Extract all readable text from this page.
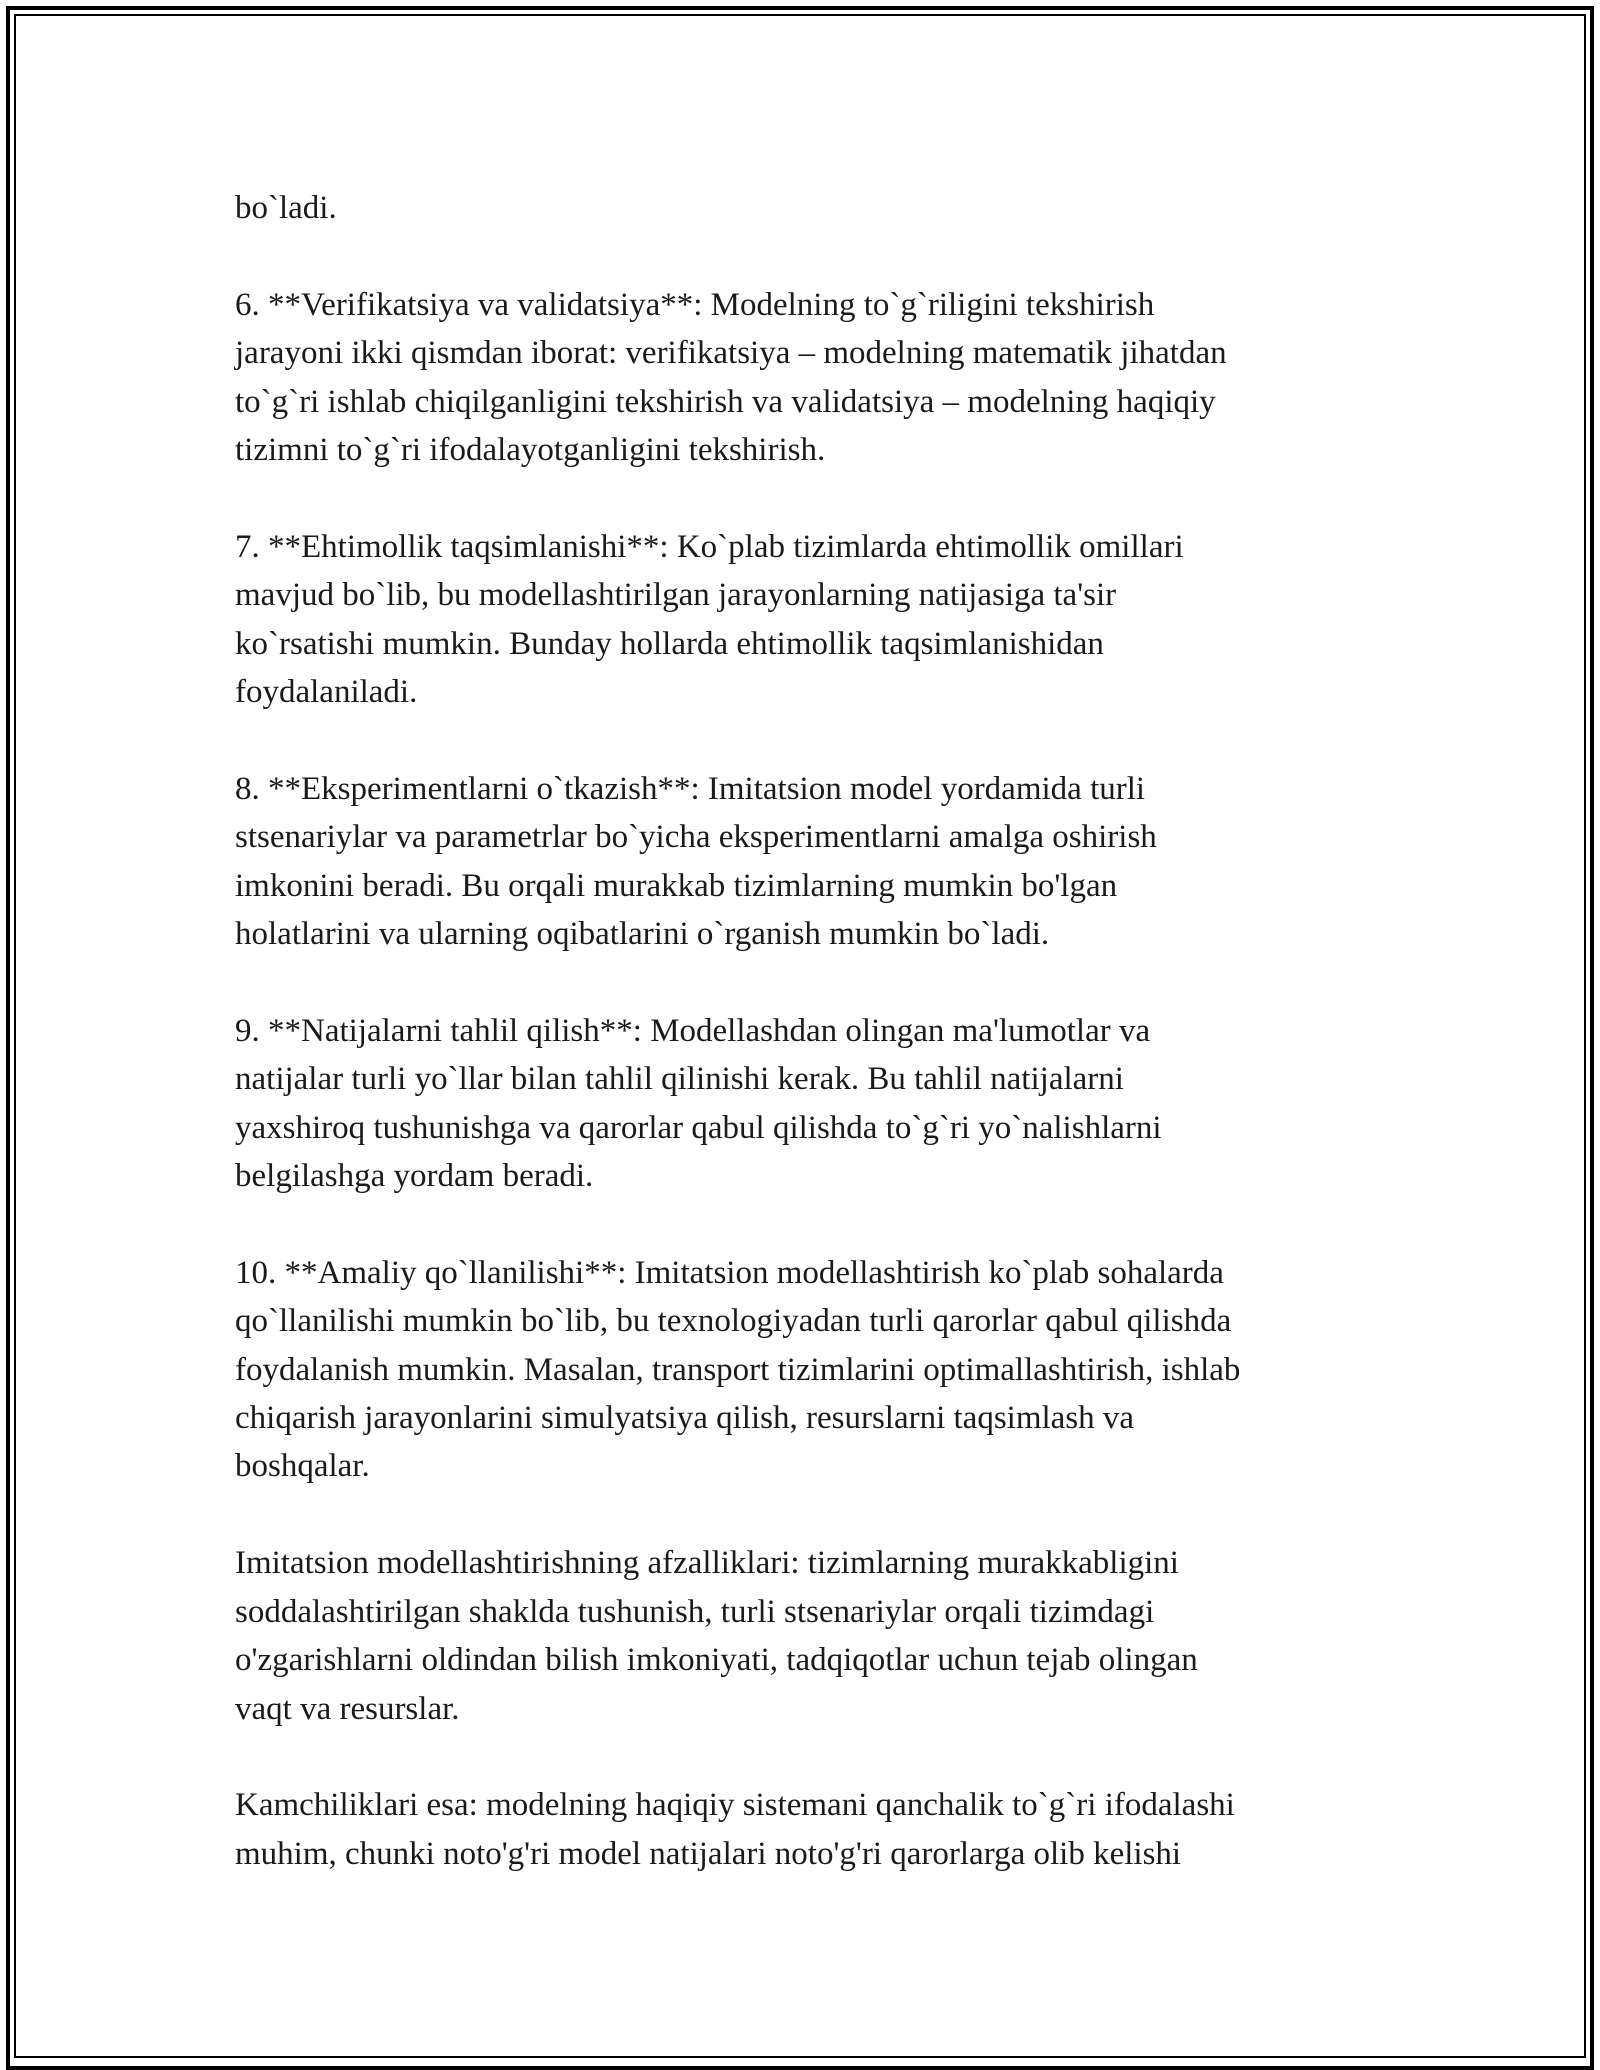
bo`ladi.

6. **Verifikatsiya va validatsiya**: Modelning to`g`riligini tekshirish
jarayoni ikki qismdan iborat: verifikatsiya – modelning matematik jihatdan
to`g`ri ishlab chiqilganligini tekshirish va validatsiya – modelning haqiqiy
tizimni to`g`ri ifodalayotganligini tekshirish.

7. **Ehtimollik taqsimlanishi**: Ko`plab tizimlarda ehtimollik omillari
mavjud bo`lib, bu modellashtirilgan jarayonlarning natijasiga ta'sir
ko`rsatishi mumkin. Bunday hollarda ehtimollik taqsimlanishidan
foydalaniladi.

8. **Eksperimentlarni o`tkazish**: Imitatsion model yordamida turli
stsenariylar va parametrlar bo`yicha eksperimentlarni amalga oshirish
imkonini beradi. Bu orqali murakkab tizimlarning mumkin bo'lgan
holatlarini va ularning oqibatlarini o`rganish mumkin bo`ladi.

9. **Natijalarni tahlil qilish**: Modellashdan olingan ma'lumotlar va
natijalar turli yo`llar bilan tahlil qilinishi kerak. Bu tahlil natijalarni
yaxshiroq tushunishga va qarorlar qabul qilishda to`g`ri yo`nalishlarni
belgilashga yordam beradi.

10. **Amaliy qo`llanilishi**: Imitatsion modellashtirish ko`plab sohalarda
qo`llanilishi mumkin bo`lib, bu texnologiyadan turli qarorlar qabul qilishda
foydalanish mumkin. Masalan, transport tizimlarini optimallashtirish, ishlab
chiqarish jarayonlarini simulyatsiya qilish, resurslarni taqsimlash va
boshqalar.

Imitatsion modellashtirishning afzalliklari: tizimlarning murakkabligini
soddalashtirilgan shaklda tushunish, turli stsenariylar orqali tizimdagi
o'zgarishlarni oldindan bilish imkoniyati, tadqiqotlar uchun tejab olingan
vaqt va resurslar.

Kamchiliklari esa: modelning haqiqiy sistemani qanchalik to`g`ri ifodalashi
muhim, chunki noto'g'ri model natijalari noto'g'ri qarorlarga olib kelishi
